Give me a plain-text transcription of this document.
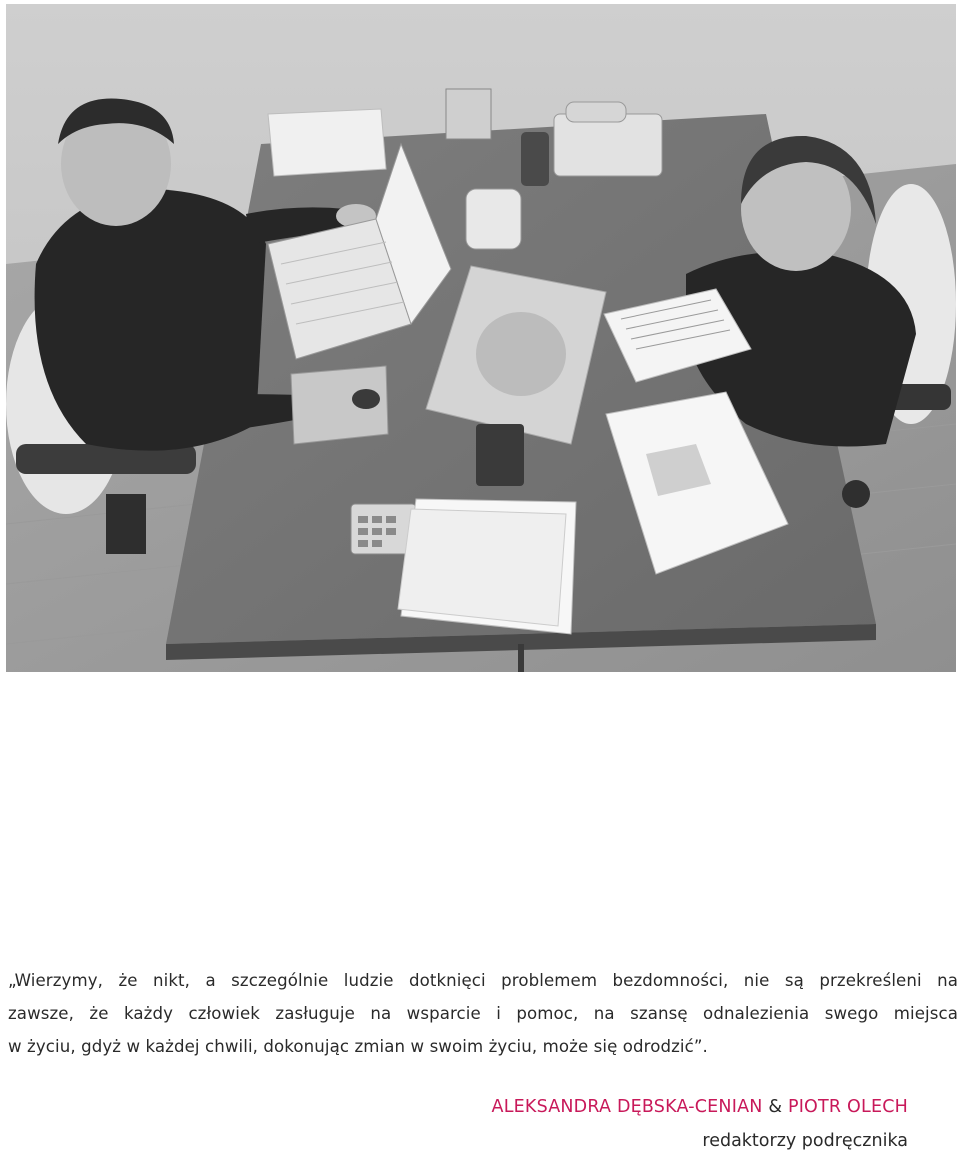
„Wierzymy, że nikt, a szczególnie ludzie dotknięci problemem bezdomności, nie są przekreśleni na
zawsze, że każdy człowiek zasługuje na wsparcie i pomoc, na szansę odnalezienia swego miejsca
w życiu, gdyż w każdej chwili, dokonując zmian w swoim życiu, może się odrodzić”.
ALEKSANDRA DĘBSKA-CENIAN & PIOTR OLECH
redaktorzy podręcznika
